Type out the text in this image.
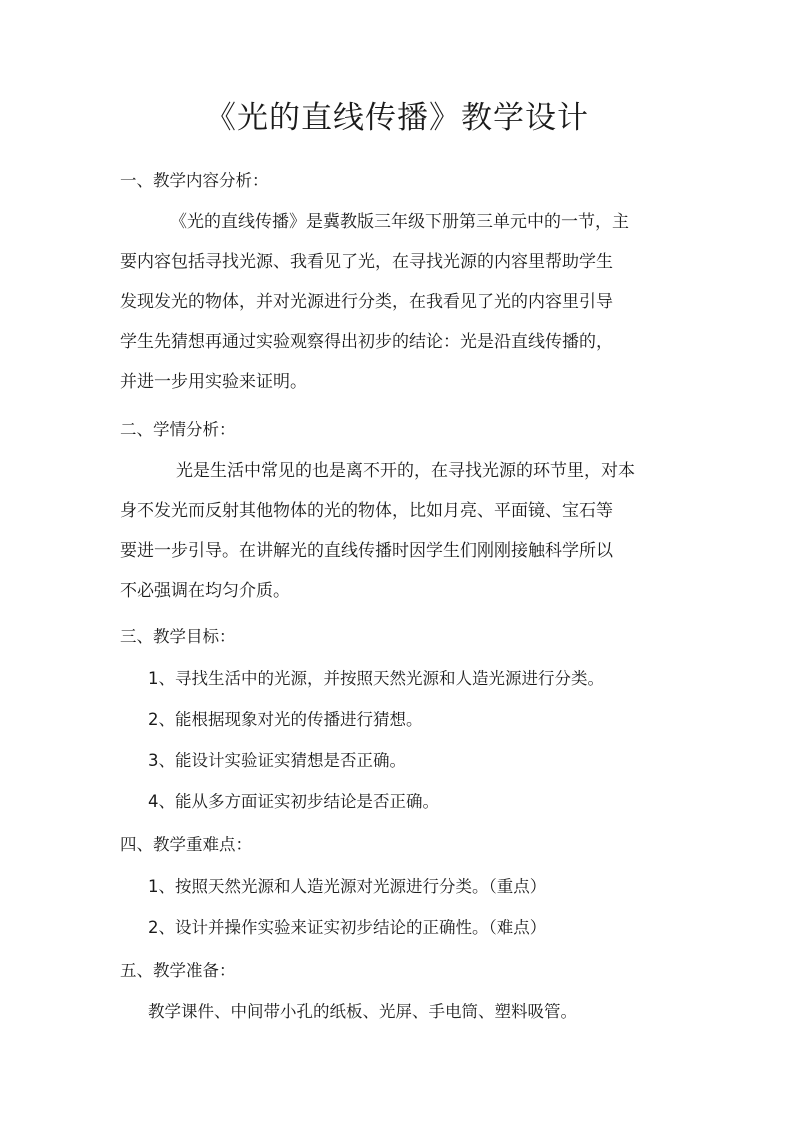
《光的直线传播》教学设计
一、教学内容分析：
《光的直线传播》是冀教版三年级下册第三单元中的一节，主
要内容包括寻找光源、我看见了光，在寻找光源的内容里帮助学生
发现发光的物体，并对光源进行分类，在我看见了光的内容里引导
学生先猜想再通过实验观察得出初步的结论：光是沿直线传播的，
并进一步用实验来证明。
二、学情分析：
光是生活中常见的也是离不开的，在寻找光源的环节里，对本
身不发光而反射其他物体的光的物体，比如月亮、平面镜、宝石等
要进一步引导。在讲解光的直线传播时因学生们刚刚接触科学所以
不必强调在均匀介质。
三、教学目标：
1、寻找生活中的光源，并按照天然光源和人造光源进行分类。
2、能根据现象对光的传播进行猜想。
3、能设计实验证实猜想是否正确。
4、能从多方面证实初步结论是否正确。
四、教学重难点：
1、按照天然光源和人造光源对光源进行分类。（重点）
2、设计并操作实验来证实初步结论的正确性。（难点）
五、教学准备：
教学课件、中间带小孔的纸板、光屏、手电筒、塑料吸管。
